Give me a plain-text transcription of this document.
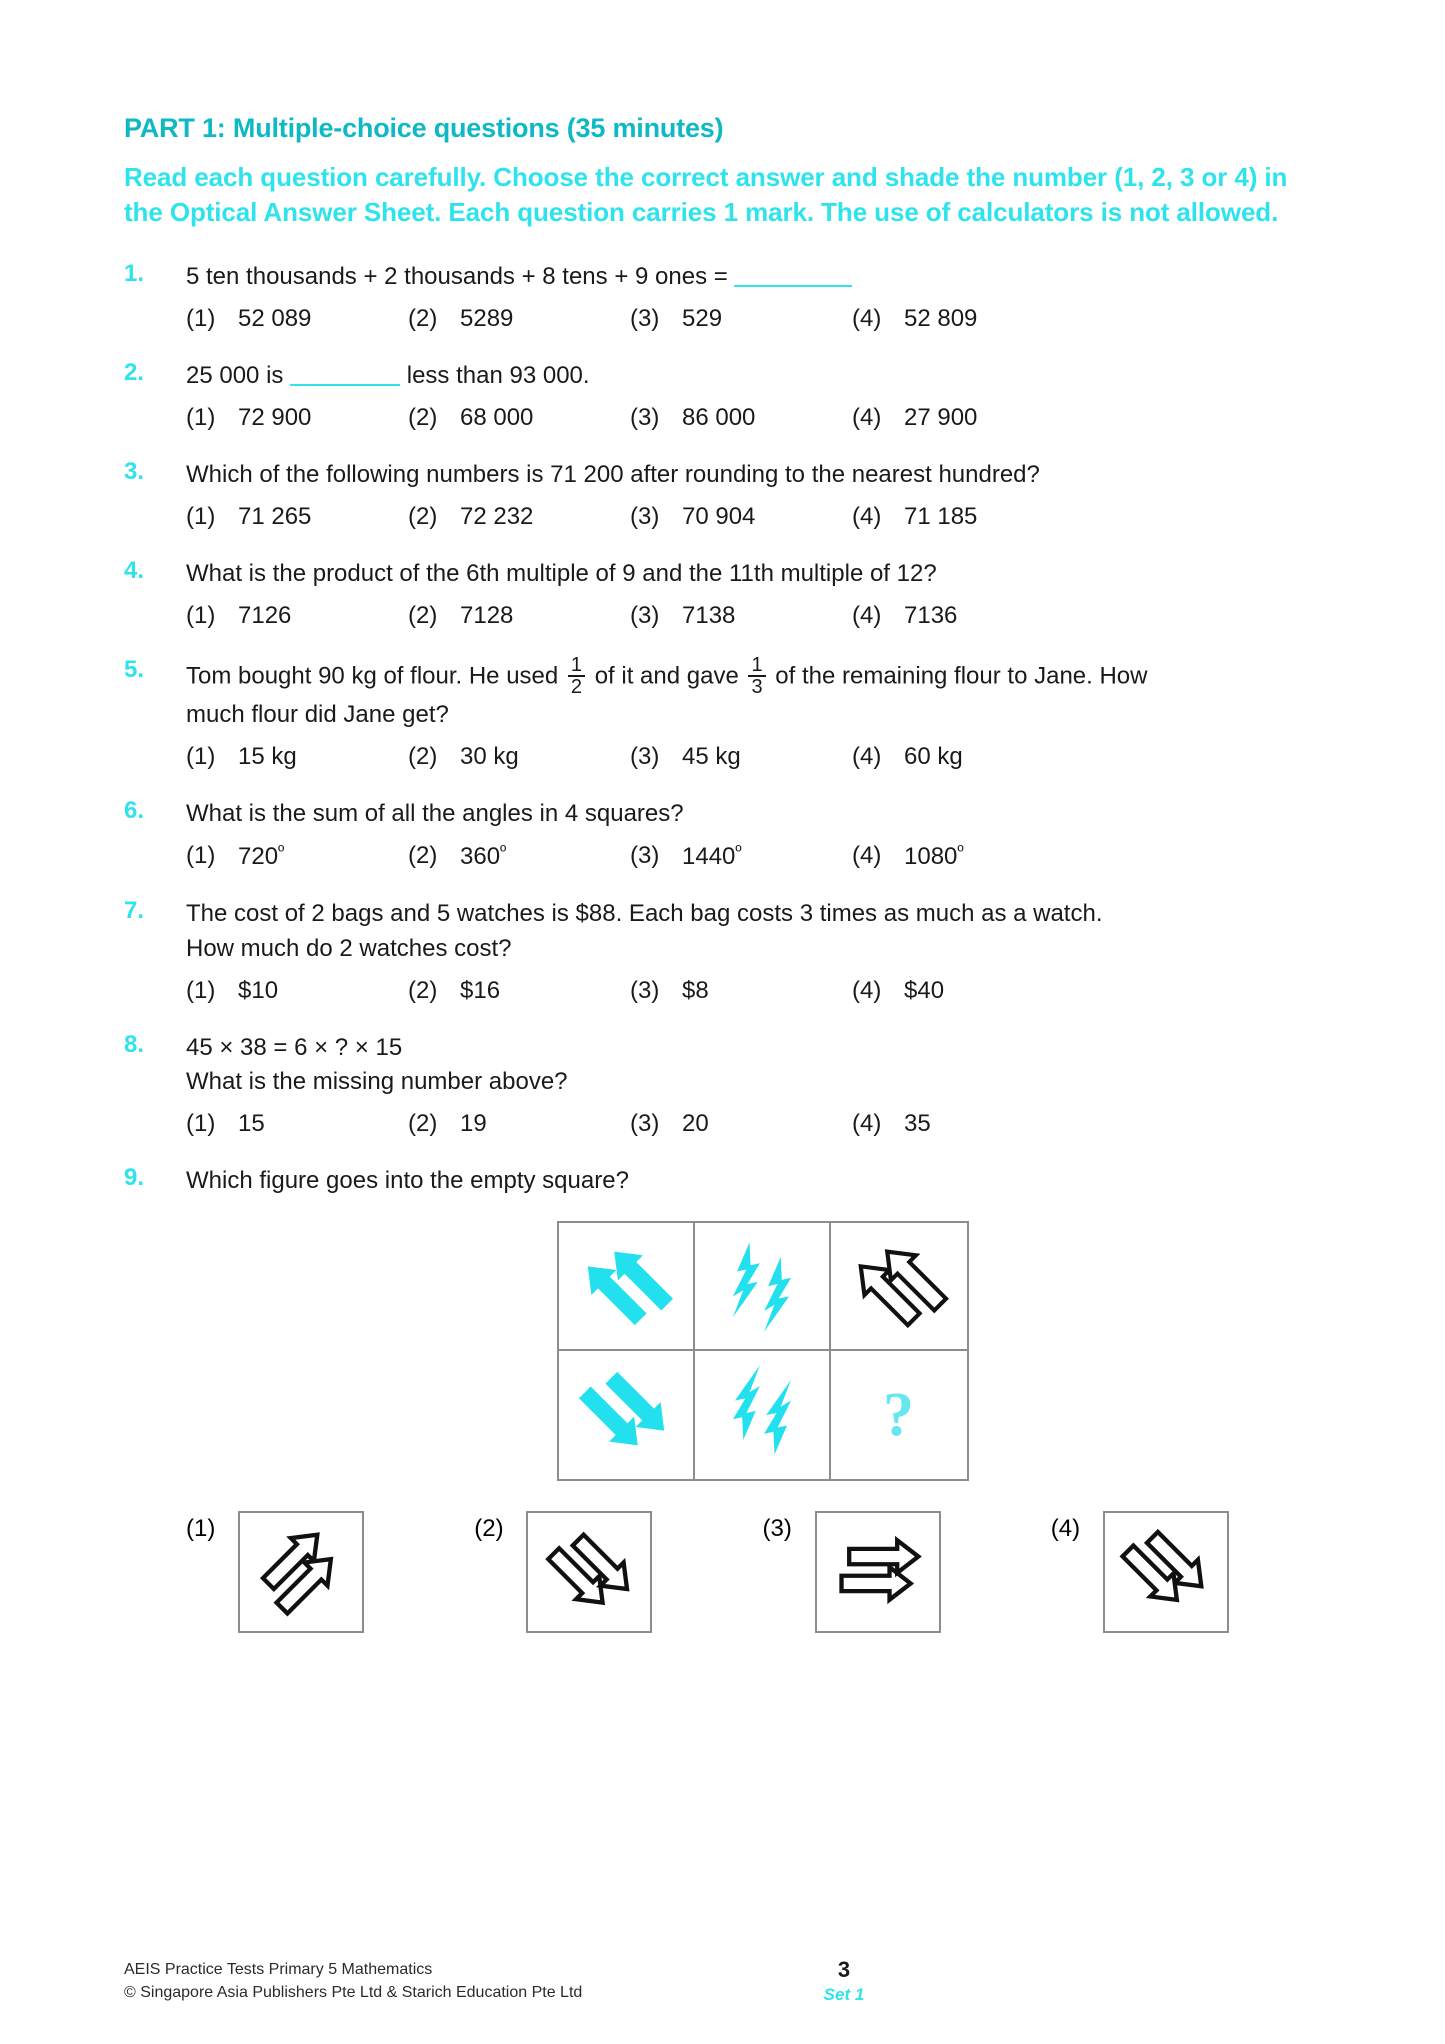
PART 1: Multiple-choice questions (35 minutes)
Read each question carefully. Choose the correct answer and shade the number (1, 2, 3 or 4) in the Optical Answer Sheet. Each question carries 1 mark. The use of calculators is not allowed.
1.	5 ten thousands + 2 thousands + 8 tens + 9 ones =
(1) 52 089	(2) 5289	(3) 529	(4) 52 809
2.	25 000 is	less than 93 000.
(1) 72 900	(2) 68 000	(3) 86 000	(4) 27 900
3.	Which of the following numbers is 71 200 after rounding to the nearest hundred?
(1) 71 265	(2) 72 232	(3) 70 904	(4) 71 185
4.	What is the product of the 6th multiple of 9 and the 11th multiple of 12?
(1) 7126	(2) 7128	(3) 7138	(4) 7136
5.	Tom bought 90 kg of flour. He used $\frac{1}{2}$ of it and gave $\frac{1}{3}$ of the remaining flour to Jane. How
much flour did Jane get?
(1) 15 kg	(2) 30 kg	(3) 45 kg	(4) 60 kg
6.	What is the sum of all the angles in 4 squares?
(1) $720^º$	(2) $360^º$	(3) $1440^º$	(4) $1080^º$
7.	The cost of 2 bags and 5 watches is $88. Each bag costs 3 times as much as a watch.
How much do 2 watches cost?
(1) $10	(2) $16	(3) $8	(4) $40
8.	45 × 38 = 6 × ? × 15
What is the missing number above?
(1) 15	(2) 19	(3) 20	(4) 35
9.	Which figure goes into the empty square?
?
(1)	(2)	(3)	(4)
AEIS Practice Tests Primary 5 Mathematics
© Singapore Asia Publishers Pte Ltd & Starich Education Pte Ltd
3
Set 1
